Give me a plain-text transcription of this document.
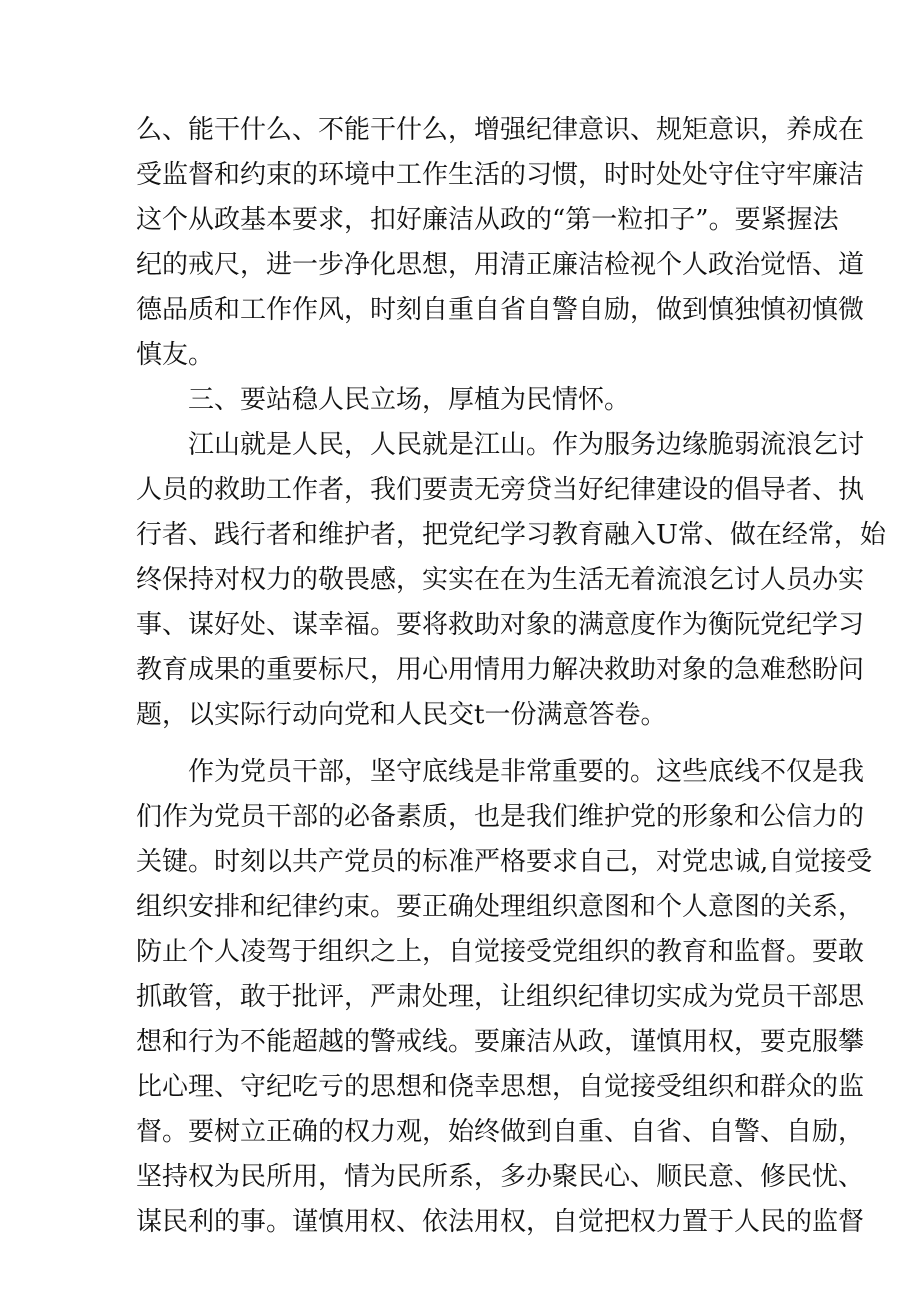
么、能干什么、不能干什么，增强纪律意识、规矩意识，养成在
受监督和约束的环境中工作生活的习惯，时时处处守住守牢廉洁
这个从政基本要求，扣好廉洁从政的“第一粒扣子”。要紧握法
纪的戒尺，进一步净化思想，用清正廉洁检视个人政治觉悟、道
德品质和工作作风，时刻自重自省自警自励，做到慎独慎初慎微
慎友。
三、要站稳人民立场，厚植为民情怀。
江山就是人民，人民就是江山。作为服务边缘脆弱流浪乞讨
人员的救助工作者，我们要责无旁贷当好纪律建设的倡导者、执
行者、践行者和维护者，把党纪学习教育融入U常、做在经常，始
终保持对权力的敬畏感，实实在在为生活无着流浪乞讨人员办实
事、谋好处、谋幸福。要将救助对象的满意度作为衡阮党纪学习
教育成果的重要标尺，用心用情用力解决救助对象的急难愁盼问
题，以实际行动向党和人民交t一份满意答卷。
作为党员干部，坚守底线是非常重要的。这些底线不仅是我
们作为党员干部的必备素质，也是我们维护党的形象和公信力的
关键。时刻以共产党员的标准严格要求自己，对党忠诚,自觉接受
组织安排和纪律约束。要正确处理组织意图和个人意图的关系，
防止个人凌驾于组织之上，自觉接受党组织的教育和监督。要敢
抓敢管，敢于批评，严肃处理，让组织纪律切实成为党员干部思
想和行为不能超越的警戒线。要廉洁从政，谨慎用权，要克服攀
比心理、守纪吃亏的思想和侥幸思想，自觉接受组织和群众的监
督。要树立正确的权力观，始终做到自重、自省、自警、自励，
坚持权为民所用，情为民所系，多办聚民心、顺民意、修民忧、
谋民利的事。谨慎用权、依法用权，自觉把权力置于人民的监督
